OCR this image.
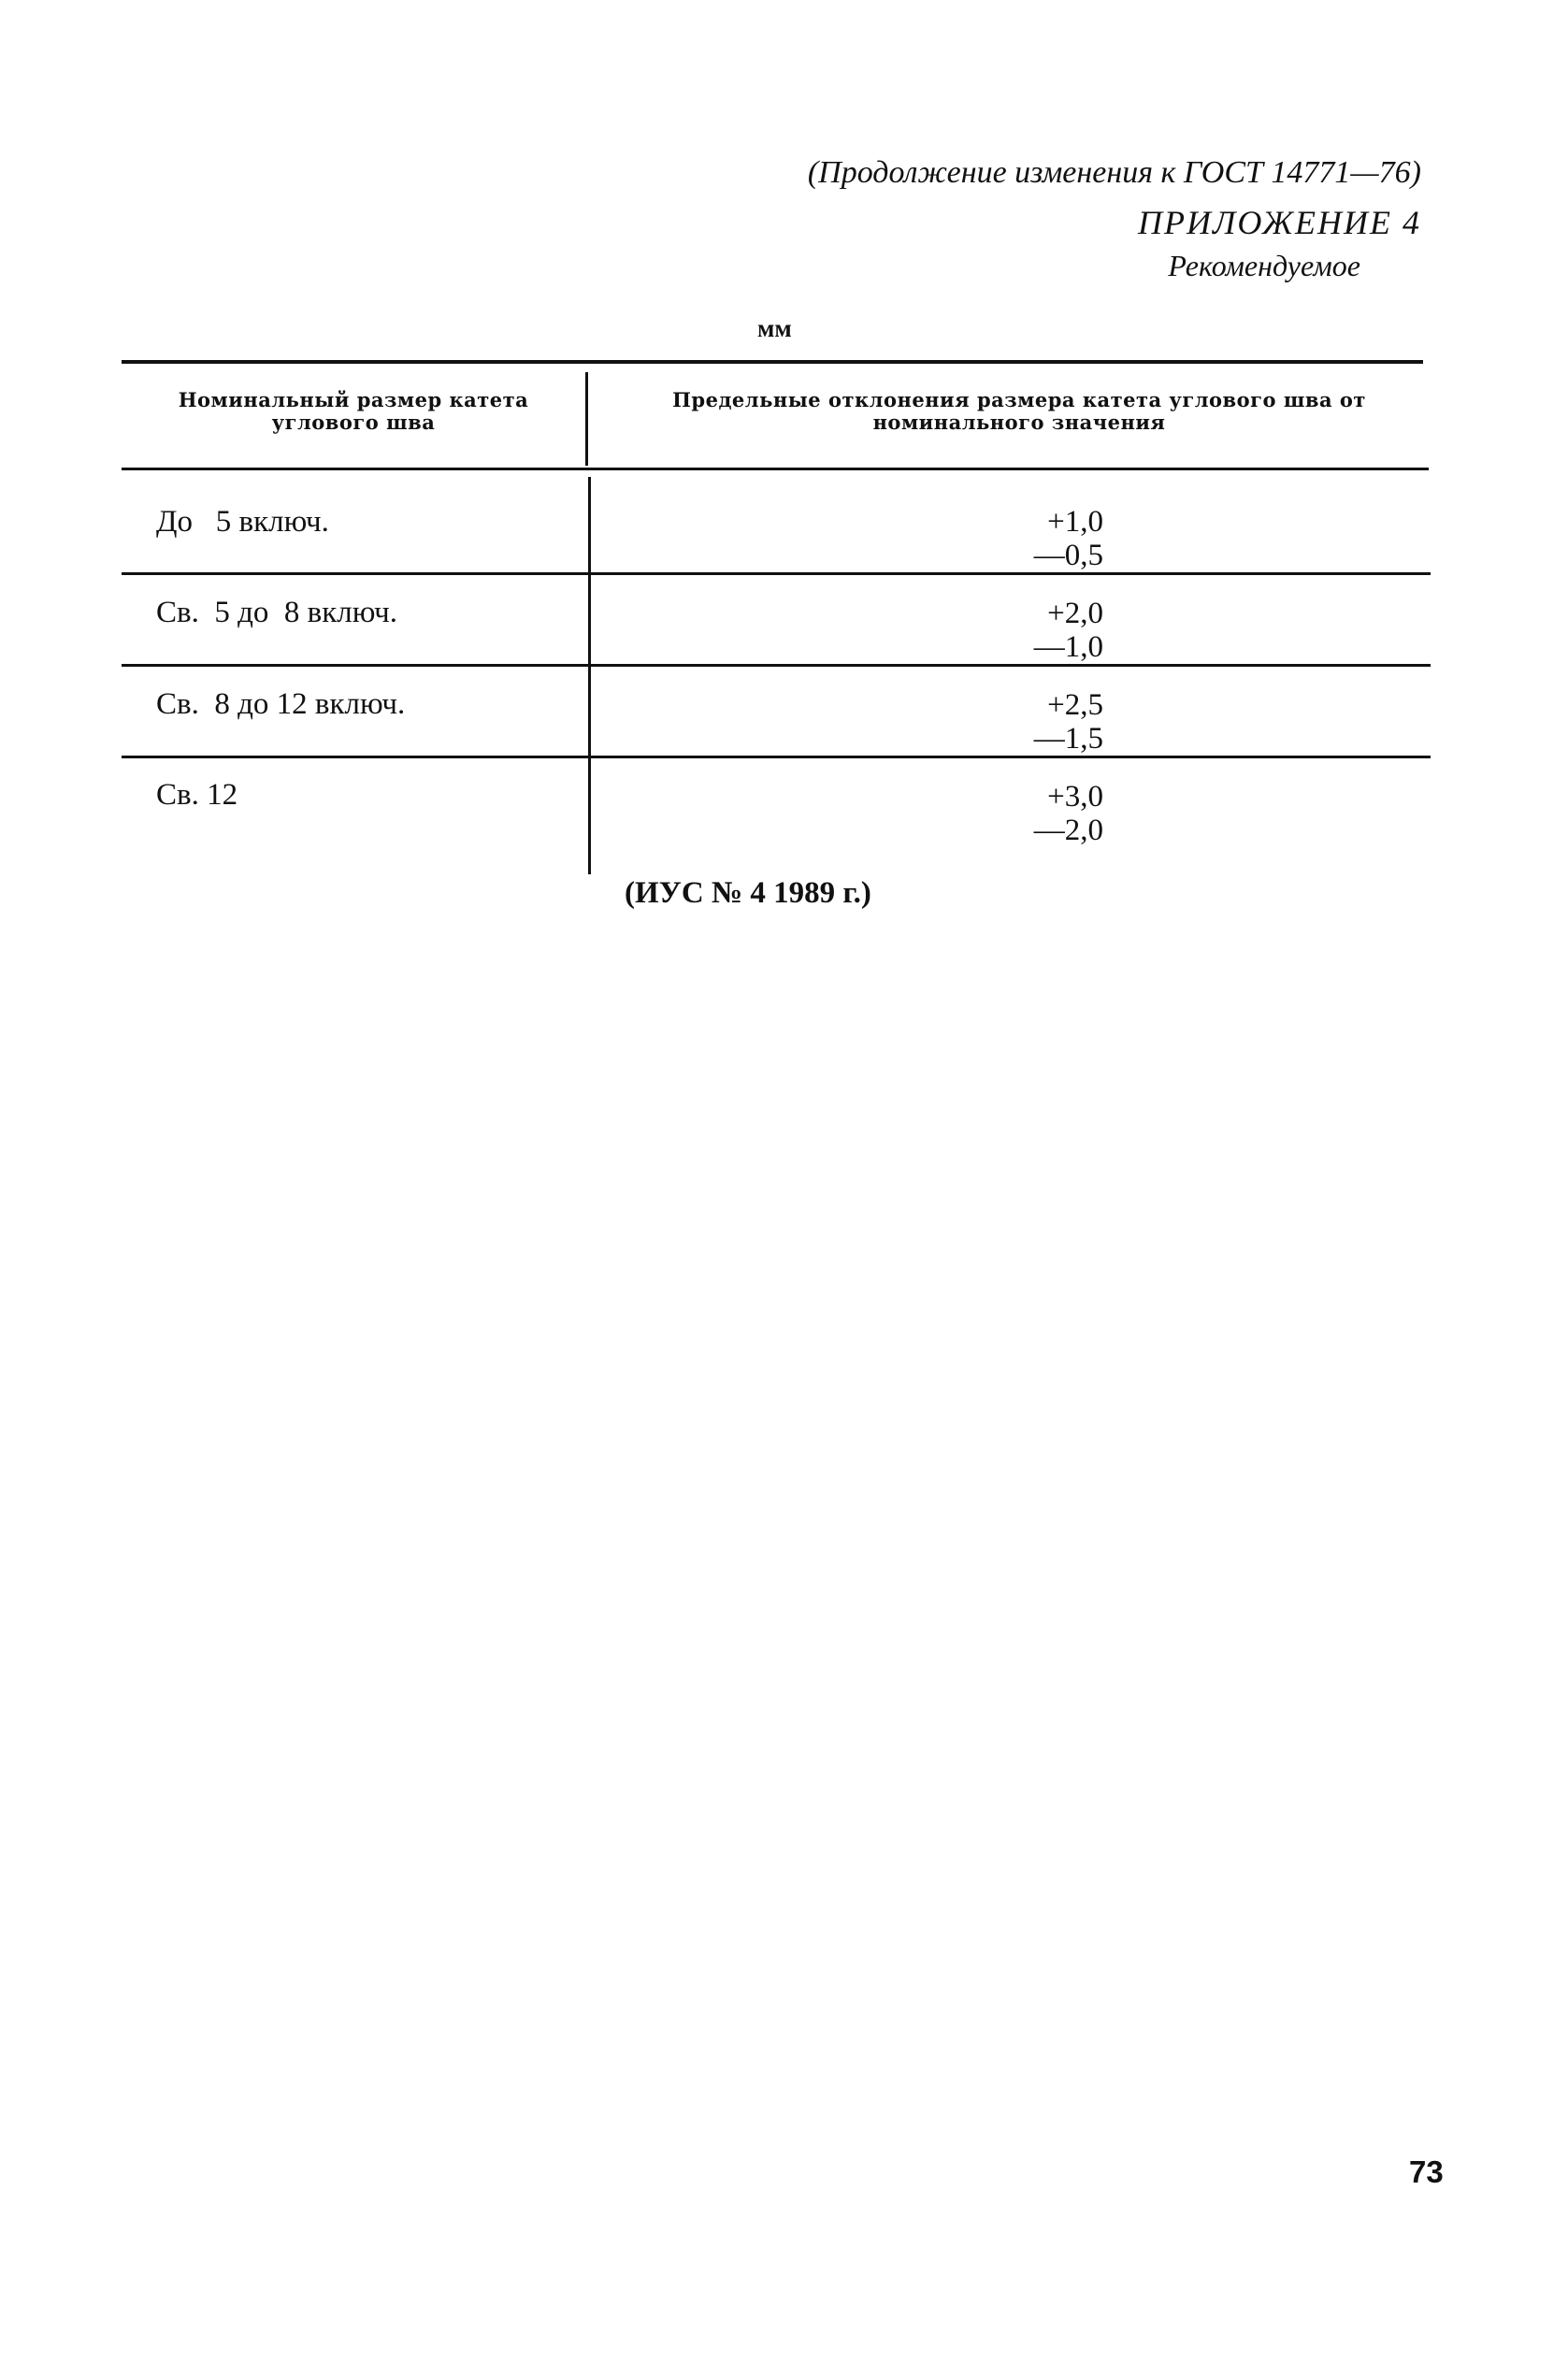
(Продолжение изменения к ГОСТ 14771—76)
ПРИЛОЖЕНИЕ 4
Рекомендуемое
мм
Номинальный размер катета углового шва
Предельные отклонения размера катета углового шва от номинального значения
До   5 включ.	+1,0
—0,5
Св.  5 до  8 включ.	+2,0
—1,0
Св.  8 до 12 включ.	+2,5
—1,5
Св. 12	+3,0
—2,0
(ИУС № 4 1989 г.)
73
